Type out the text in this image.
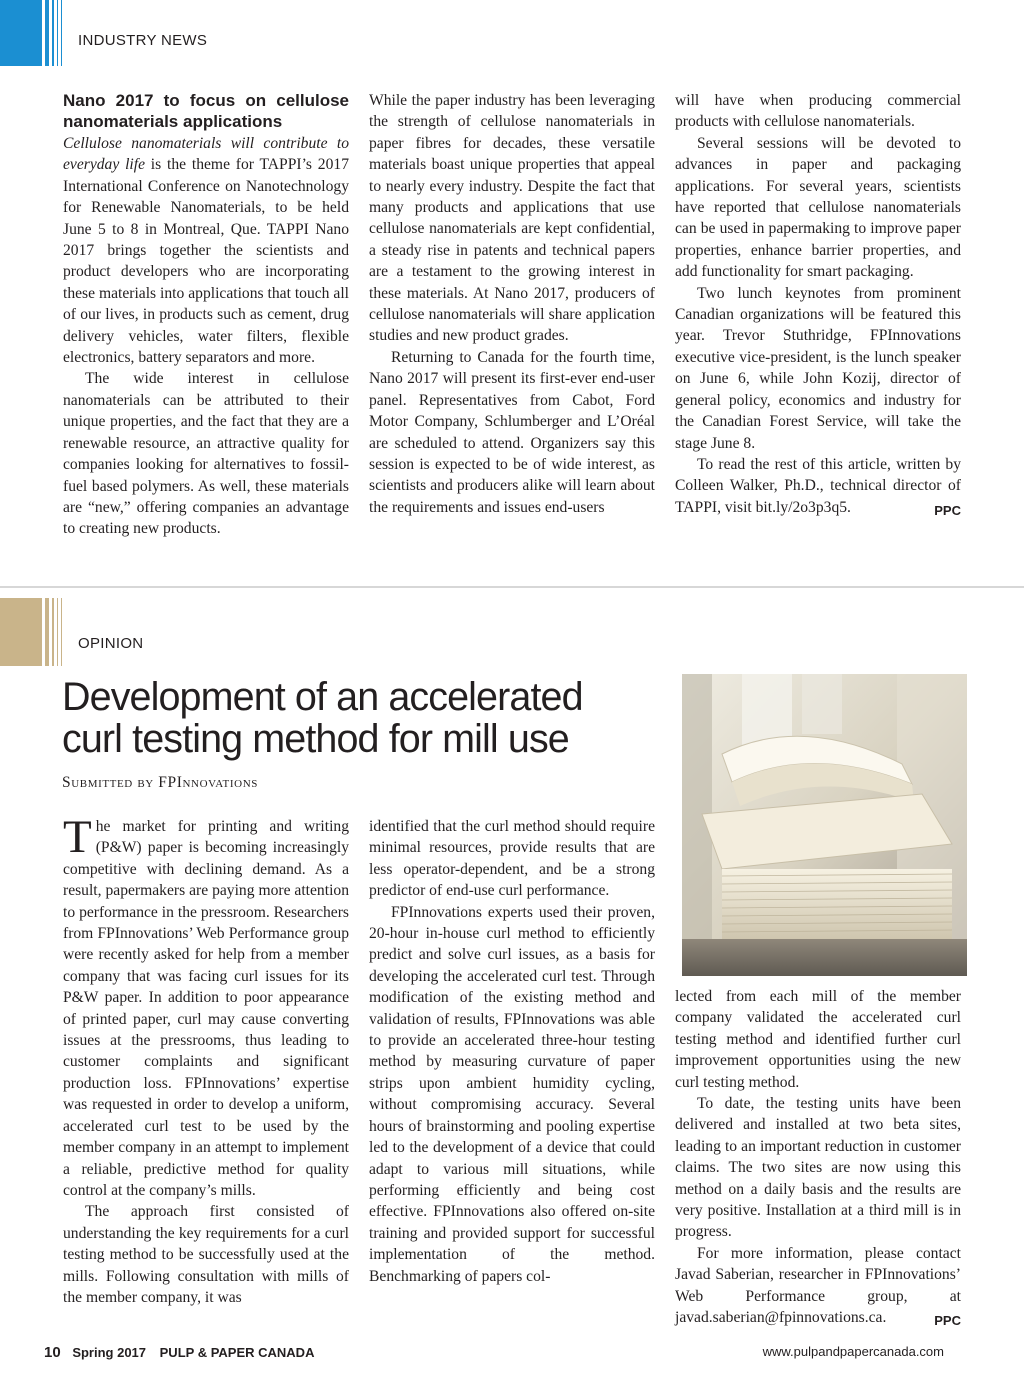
INDUSTRY NEWS
Nano 2017 to focus on cellulose nanomaterials applications

Cellulose nanomaterials will contribute to everyday life is the theme for TAPPI’s 2017 International Conference on Nanotechnology for Renewable Nanomaterials, to be held June 5 to 8 in Montreal, Que. TAPPI Nano 2017 brings together the scientists and product developers who are incorporating these materials into applications that touch all of our lives, in products such as cement, drug delivery vehicles, water filters, flexible electronics, battery separators and more.

The wide interest in cellulose nanomaterials can be attributed to their unique properties, and the fact that they are a renewable resource, an attractive quality for companies looking for alternatives to fossil-fuel based polymers. As well, these materials are “new,” offering companies an advantage to creating new products.

While the paper industry has been leveraging the strength of cellulose nanomaterials in paper fibres for decades, these versatile materials boast unique properties that appeal to nearly every industry. Despite the fact that many products and applications that use cellulose nanomaterials are kept confidential, a steady rise in patents and technical papers are a testament to the growing interest in these materials. At Nano 2017, producers of cellulose nanomaterials will share application studies and new product grades.

Returning to Canada for the fourth time, Nano 2017 will present its first-ever end-user panel. Representatives from Cabot, Ford Motor Company, Schlumberger and L’Oréal are scheduled to attend. Organizers say this session is expected to be of wide interest, as scientists and producers alike will learn about the requirements and issues end-users

will have when producing commercial products with cellulose nanomaterials.

Several sessions will be devoted to advances in paper and packaging applications. For several years, scientists have reported that cellulose nanomaterials can be used in papermaking to improve paper properties, enhance barrier properties, and add functionality for smart packaging.

Two lunch keynotes from prominent Canadian organizations will be featured this year. Trevor Stuthridge, FPInnovations executive vice-president, is the lunch speaker on June 6, while John Kozij, director of general policy, economics and industry for the Canadian Forest Service, will take the stage June 8.

To read the rest of this article, written by Colleen Walker, Ph.D., technical director of TAPPI, visit bit.ly/2o3p3q5.	PPC

OPINION
Development of an accelerated curl testing method for mill use
Submitted by FPInnovations

The market for printing and writing (P&W) paper is becoming increasingly competitive with declining demand. As a result, papermakers are paying more attention to performance in the pressroom. Researchers from FPInnovations’ Web Performance group were recently asked for help from a member company that was facing curl issues for its P&W paper. In addition to poor appearance of printed paper, curl may cause converting issues at the pressrooms, thus leading to customer complaints and significant production loss. FPInnovations’ expertise was requested in order to develop a uniform, accelerated curl test to be used by the member company in an attempt to implement a reliable, predictive method for quality control at the company’s mills.

The approach first consisted of understanding the key requirements for a curl testing method to be successfully used at the mills. Following consultation with mills of the member company, it was

identified that the curl method should require minimal resources, provide results that are less operator-dependent, and be a strong predictor of end-use curl performance.

FPInnovations experts used their proven, 20-hour in-house curl method to efficiently predict and solve curl issues, as a basis for developing the accelerated curl test. Through modification of the existing method and validation of results, FPInnovations was able to provide an accelerated three-hour testing method by measuring curvature of paper strips upon ambient humidity cycling, without compromising accuracy. Several hours of brainstorming and pooling expertise led to the development of a device that could adapt to various mill situations, while performing efficiently and being cost effective. FPInnovations also offered on-site training and provided support for successful implementation of the method. Benchmarking of papers col-

lected from each mill of the member company validated the accelerated curl testing method and identified further curl improvement opportunities using the new curl testing method.

To date, the testing units have been delivered and installed at two beta sites, leading to an important reduction in customer claims. The two sites are now using this method on a daily basis and the results are very positive. Installation at a third mill is in progress.

For more information, please contact Javad Saberian, researcher in FPInnovations’ Web Performance group, at javad.saberian@fpinnovations.ca.	PPC

10 Spring 2017 PULP & PAPER CANADA	www.pulpandpapercanada.com
